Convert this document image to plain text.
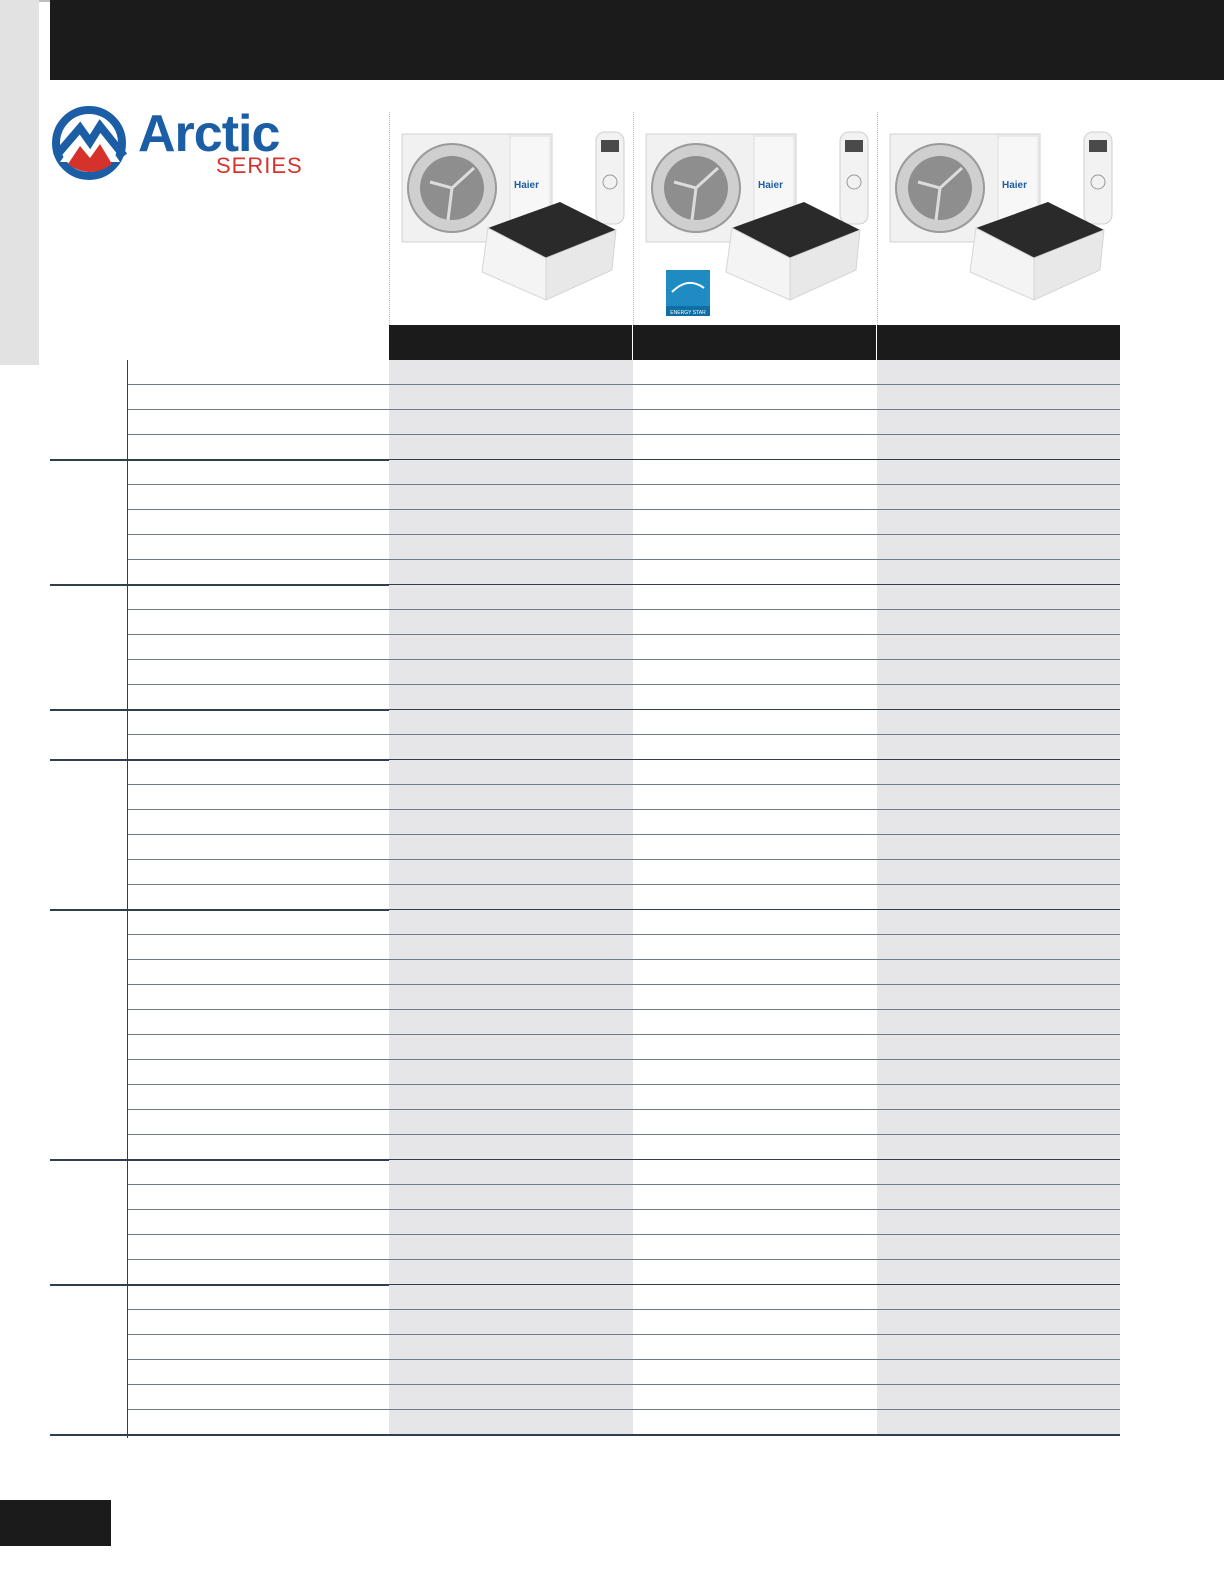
Arctic
SERIES
Haier	Haier
ENERGY STAR
Haier
